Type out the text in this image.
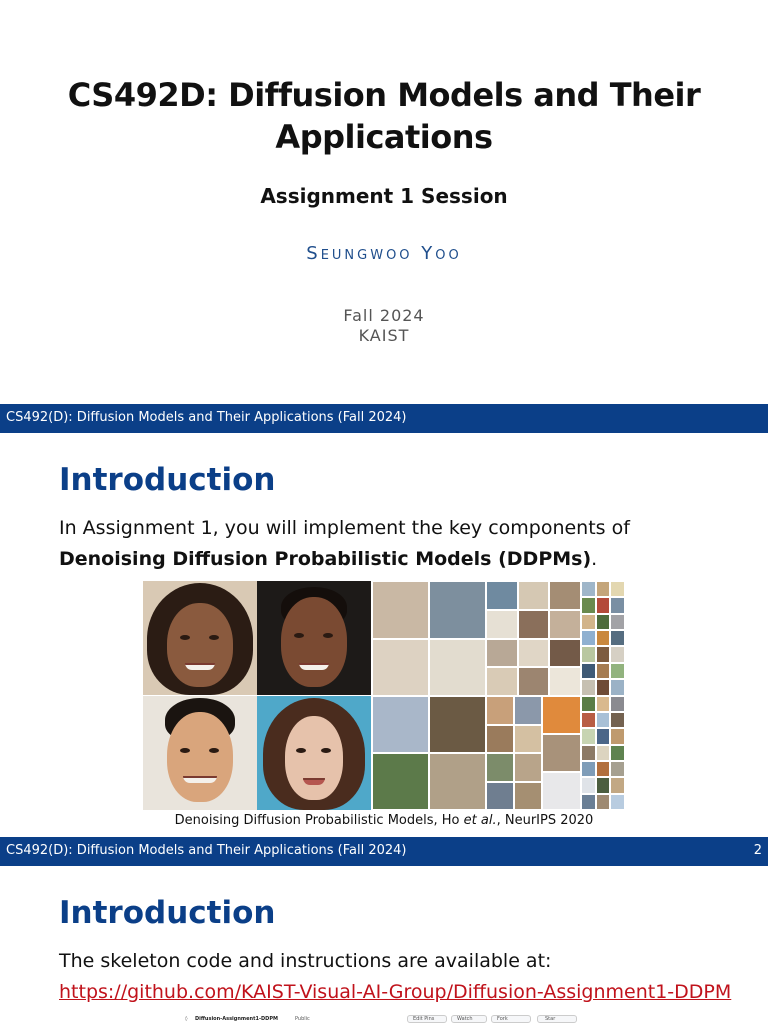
CS492D: Diffusion Models and Their Applications
Assignment 1 Session
Seungwoo Yoo
Fall 2024
KAIST
CS492(D): Diffusion Models and Their Applications (Fall 2024)
Introduction
In Assignment 1, you will implement the key components of
Denoising Diffusion Probabilistic Models (DDPMs).
Denoising Diffusion Probabilistic Models, Ho et al., NeurIPS 2020
CS492(D): Diffusion Models and Their Applications (Fall 2024)	2
Introduction
The skeleton code and instructions are available at:
https://github.com/KAIST-Visual-AI-Group/Diffusion-Assignment1-DDPM
◊ Diffusion-Assignment1-DDPM	Public	Edit Pins	Watch	Fork	Star
